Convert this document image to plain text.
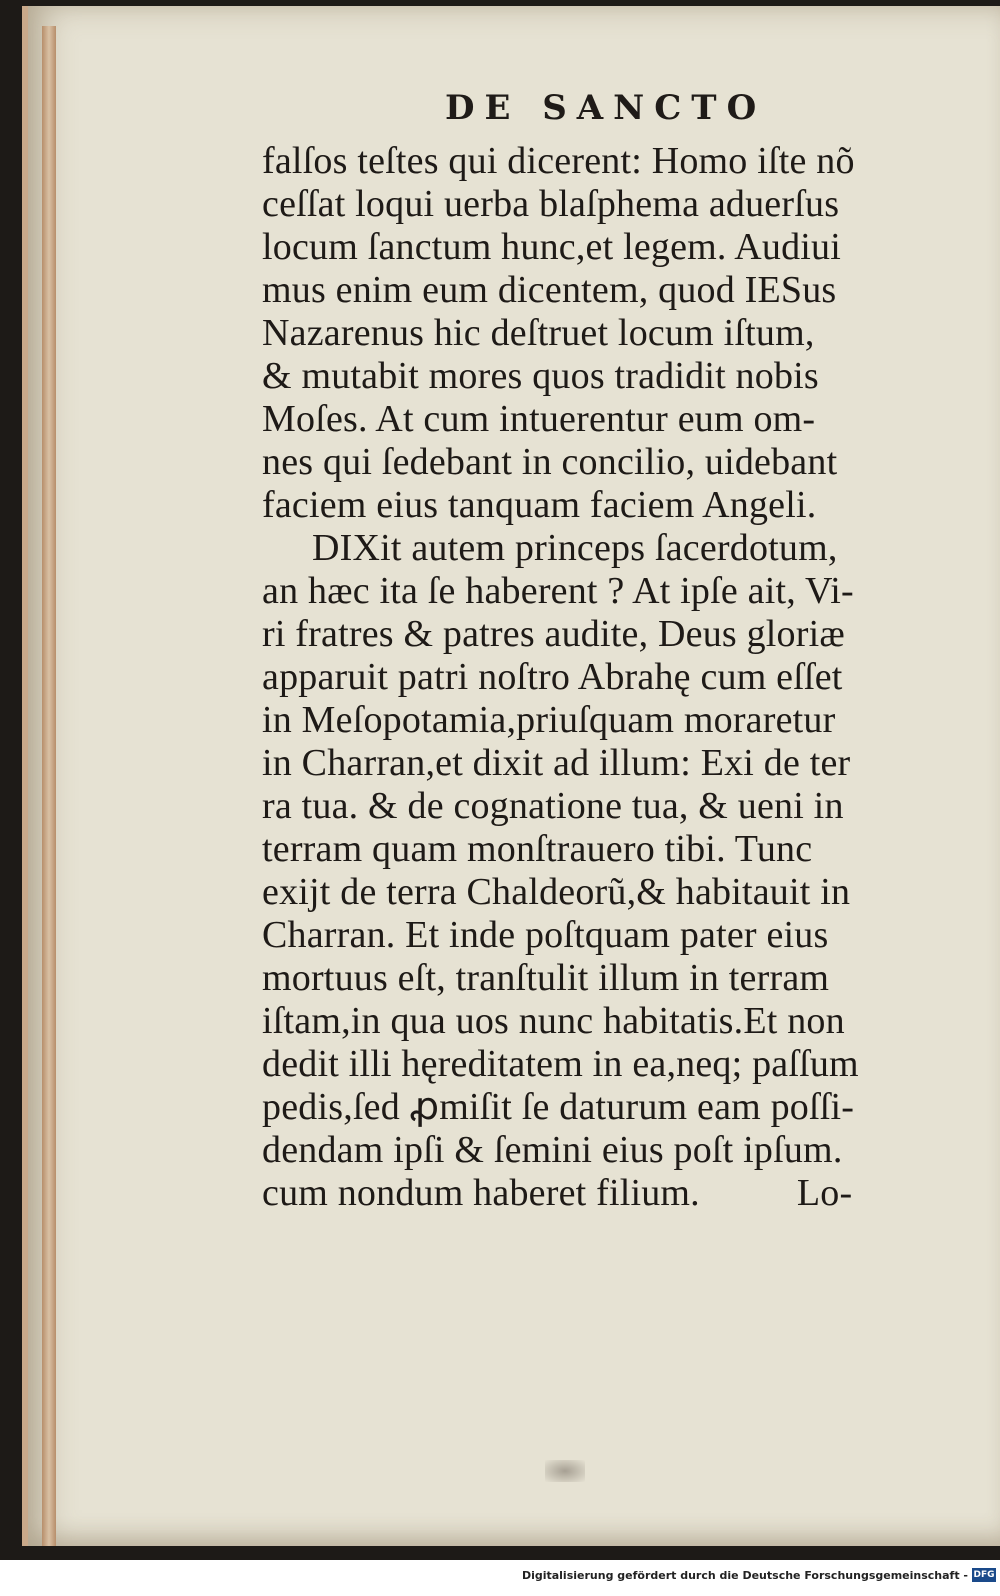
DE SANCTO
falſos teſtes qui dicerent: Homo iſte nõ
ceſſat loqui uerba blaſphema aduerſus
locum ſanctum hunc,et legem. Audiui
mus enim eum dicentem, quod IESus
Nazarenus hic deſtruet locum iſtum,
& mutabit mores quos tradidit nobis
Moſes. At cum intuerentur eum om-
nes qui ſedebant in concilio, uidebant
faciem eius tanquam faciem Angeli.
DIXit autem princeps ſacerdotum,
an hæc ita ſe haberent ? At ipſe ait, Vi-
ri fratres & patres audite, Deus gloriæ
apparuit patri noſtro Abrahę cum eſſet
in Meſopotamia,priuſquam moraretur
in Charran,et dixit ad illum: Exi de ter
ra tua. & de cognatione tua, & ueni in
terram quam monſtrauero tibi. Tunc
exijt de terra Chaldeorũ,& habitauit in
Charran. Et inde poſtquam pater eius
mortuus eſt, tranſtulit illum in terram
iſtam,in qua uos nunc habitatis.Et non
dedit illi hęreditatem in ea,neq; paſſum
pedis,ſed ꝓmiſit ſe daturum eam poſſi-
dendam ipſi & ſemini eius poſt ipſum.
cum nondum haberet filium.          Lo-
Digitalisierung gefördert durch die Deutsche Forschungsgemeinschaft - DFG
